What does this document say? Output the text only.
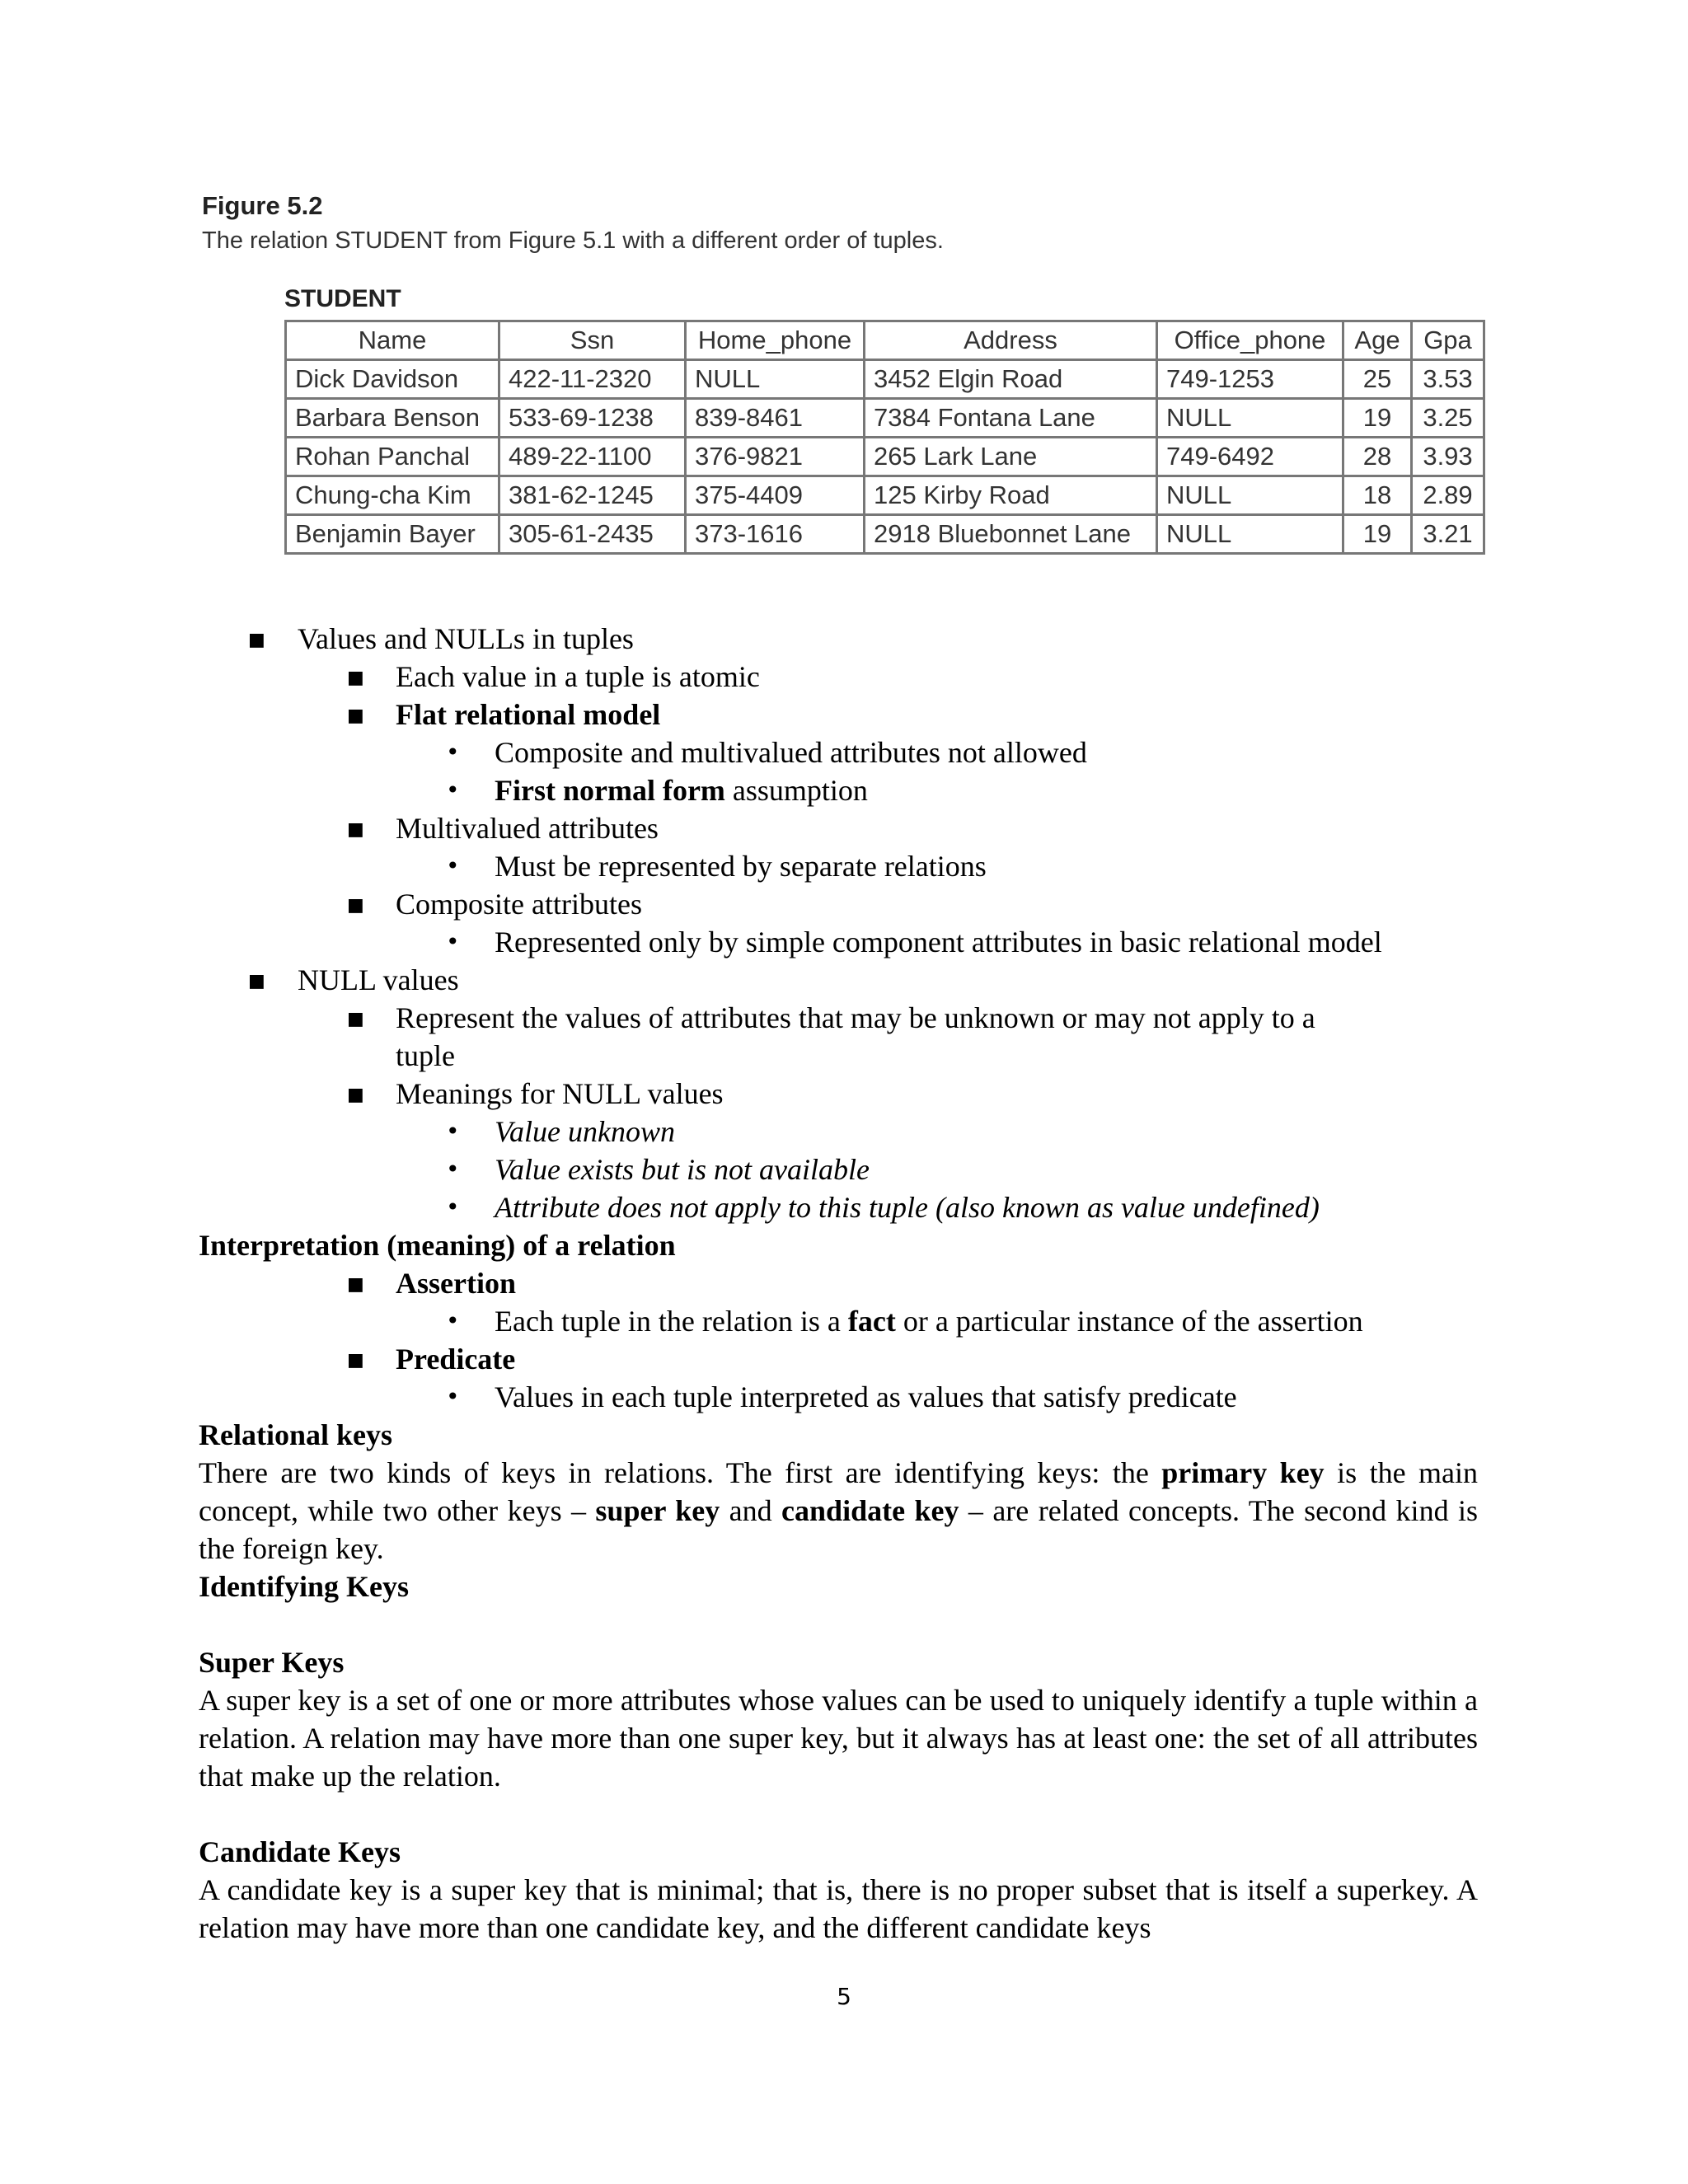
Figure 5.2
The relation STUDENT from Figure 5.1 with a different order of tuples.
STUDENT
Name	Ssn	Home_phone	Address	Office_phone	Age	Gpa
Dick Davidson	422-11-2320	NULL	3452 Elgin Road	749-1253	25	3.53
Barbara Benson	533-69-1238	839-8461	7384 Fontana Lane	NULL	19	3.25
Rohan Panchal	489-22-1100	376-9821	265 Lark Lane	749-6492	28	3.93
Chung-cha Kim	381-62-1245	375-4409	125 Kirby Road	NULL	18	2.89
Benjamin Bayer	305-61-2435	373-1616	2918 Bluebonnet Lane	NULL	19	3.21
■ Values and NULLs in tuples
■ Each value in a tuple is atomic
■ Flat relational model
• Composite and multivalued attributes not allowed
• First normal form assumption
■ Multivalued attributes
• Must be represented by separate relations
■ Composite attributes
• Represented only by simple component attributes in basic relational model
■ NULL values
■ Represent the values of attributes that may be unknown or may not apply to a
tuple
■ Meanings for NULL values
• Value unknown
• Value exists but is not available
• Attribute does not apply to this tuple (also known as value undefined)
Interpretation (meaning) of a relation
■ Assertion
• Each tuple in the relation is a fact or a particular instance of the assertion
■ Predicate
• Values in each tuple interpreted as values that satisfy predicate
Relational keys
There are two kinds of keys in relations. The first are identifying keys: the primary key is the main concept, while two other keys – super key and candidate key – are related concepts. The second kind is the foreign key.
Identifying Keys
Super Keys
A super key is a set of one or more attributes whose values can be used to uniquely identify a tuple within a relation. A relation may have more than one super key, but it always has at least one: the set of all attributes that make up the relation.
Candidate Keys
A candidate key is a super key that is minimal; that is, there is no proper subset that is itself a superkey. A relation may have more than one candidate key, and the different candidate keys
5
